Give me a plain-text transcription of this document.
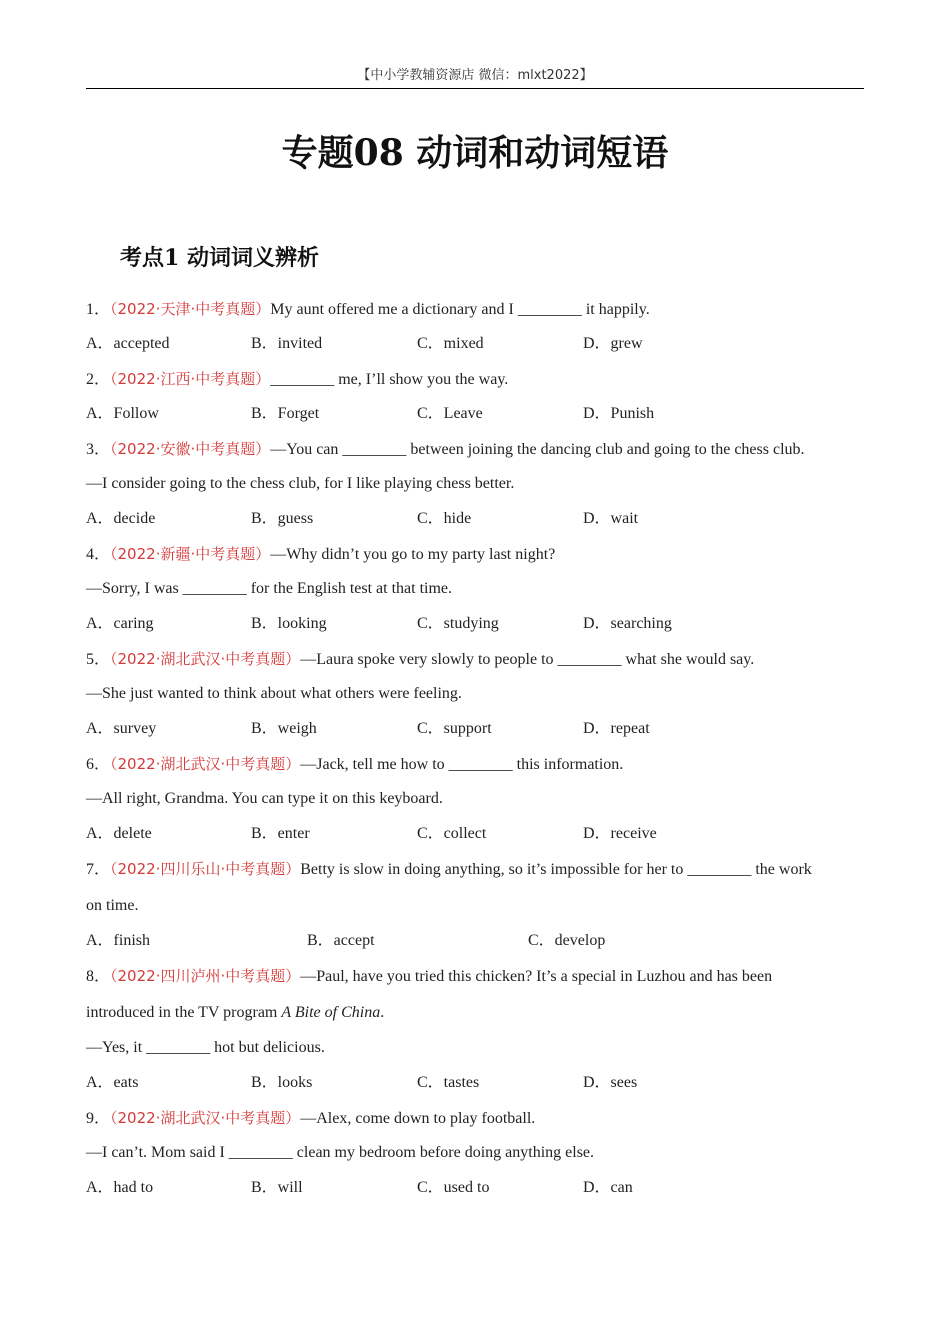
【中小学教辅资源店 微信：mlxt2022】
专题08 动词和动词短语
考点1 动词词义辨析
1．（2022·天津·中考真题）My aunt offered me a dictionary and I ________ it happily.
A．accepted	B．invited	C．mixed	D．grew
2．（2022·江西·中考真题）________ me, I’ll show you the way.
A．Follow	B．Forget	C．Leave	D．Punish
3．（2022·安徽·中考真题）—You can ________ between joining the dancing club and going to the chess club.
—I consider going to the chess club, for I like playing chess better.
A．decide	B．guess	C．hide	D．wait
4．（2022·新疆·中考真题）—Why didn’t you go to my party last night?
—Sorry, I was ________ for the English test at that time.
A．caring	B．looking	C．studying	D．searching
5．（2022·湖北武汉·中考真题）—Laura spoke very slowly to people to ________ what she would say.
—She just wanted to think about what others were feeling.
A．survey	B．weigh	C．support	D．repeat
6．（2022·湖北武汉·中考真题）—Jack, tell me how to ________ this information.
—All right, Grandma. You can type it on this keyboard.
A．delete	B．enter	C．collect	D．receive
7．（2022·四川乐山·中考真题）Betty is slow in doing anything, so it’s impossible for her to ________ the work
on time.
A．finish	B．accept	C．develop
8．（2022·四川泸州·中考真题）—Paul, have you tried this chicken? It’s a special in Luzhou and has been
introduced in the TV program A Bite of China.
—Yes, it ________ hot but delicious.
A．eats	B．looks	C．tastes	D．sees
9．（2022·湖北武汉·中考真题）—Alex, come down to play football.
—I can’t. Mom said I ________ clean my bedroom before doing anything else.
A．had to	B．will	C．used to	D．can
